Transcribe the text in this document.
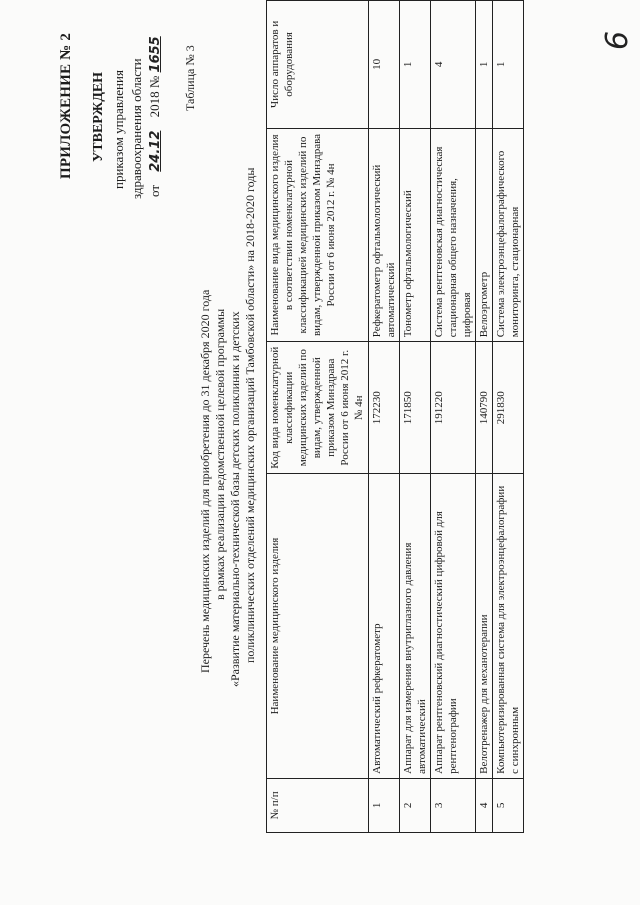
ПРИЛОЖЕНИЕ № 2 УТВЕРЖДЕН приказом управления здравоохранения области от 24.12 2018 № 1655 Таблица № 3
Перечень медицинских изделий для приобретения до 31 декабря 2020 года в рамках реализации ведомственной целевой программы «Развитие материально-технической базы детских поликлиник и детских поликлинических отделений медицинских организаций Тамбовской области» на 2018-2020 годы
6
№ п/п	Наименование медицинского изделия	Код вида номенклатурной классификации медицинских изделий по видам, утвержденной приказом Минздрава России от 6 июня 2012 г. № 4н	Наименование вида медицинского изделия в соответствии номенклатурной классификацией медицинских изделий по видам, утвержденной приказом Минздрава России от 6 июня 2012 г. № 4н	Число аппаратов и оборудования
1	Автоматический рефкератометр	172230	Рефкератометр офтальмологический автоматический	10
2	Аппарат для измерения внутриглазного давления автоматический	171850	Тонометр офтальмологический	1
3	Аппарат рентгеновский диагностический цифровой для рентгенографии	191220	Система рентгеновская диагностическая стационарная общего назначения, цифровая	4
4	Велотренажер для механотерапии	140790	Велоэргометр	1
5	Компьютеризированная система для электроэнцефалографии с синхронным	291830	Система электроэнцефалографического мониторинга, стационарная	1
